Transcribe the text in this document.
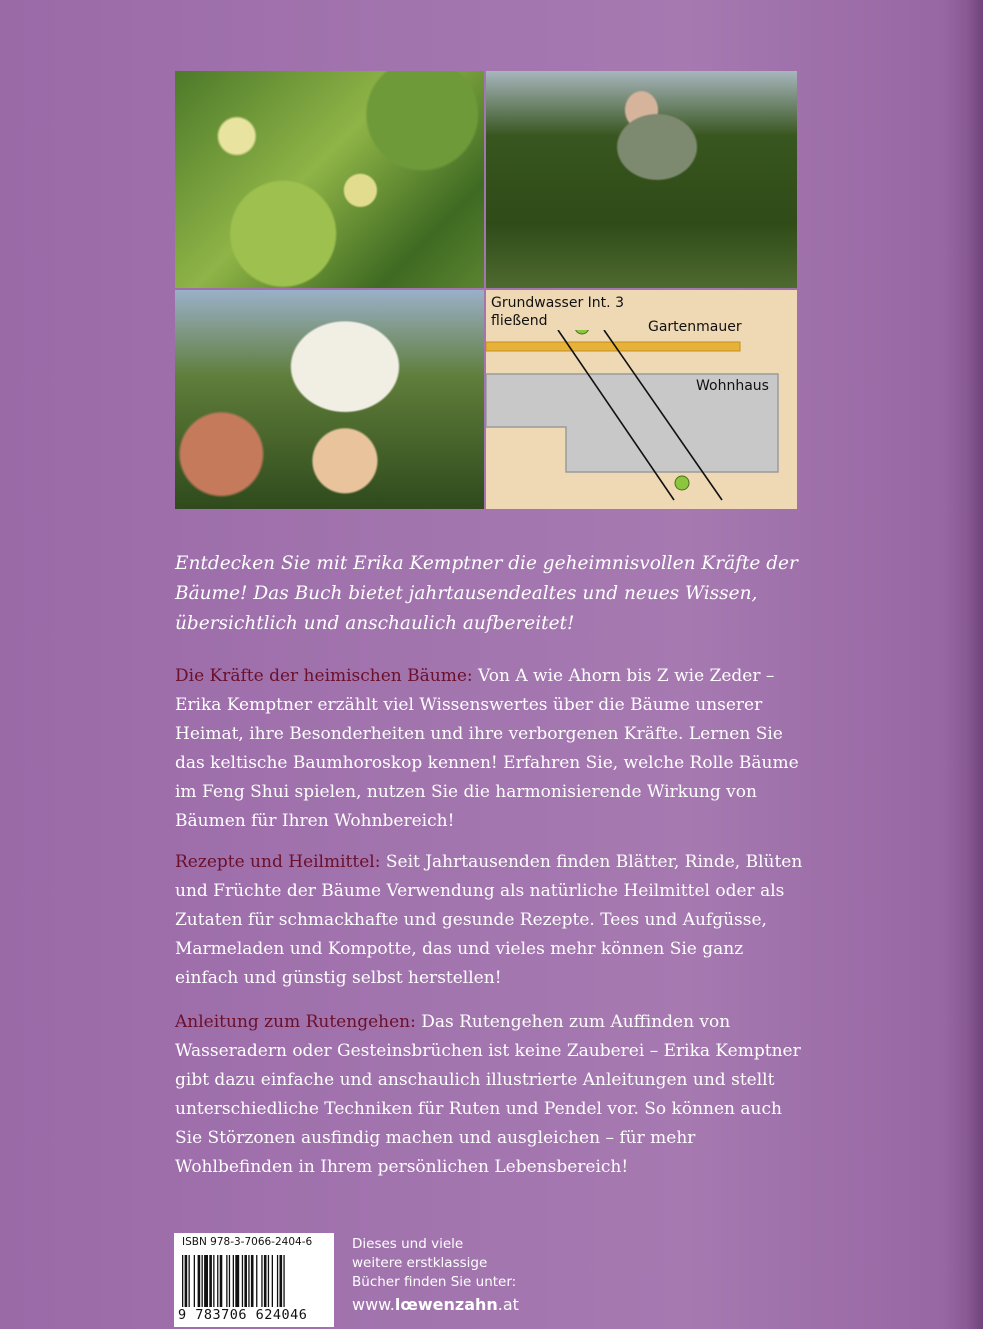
Grundwasser Int. 3
fließend	Gartenmauer
Wohnhaus
Entdecken Sie mit Erika Kemptner die geheimnisvollen Kräfte der Bäume! Das Buch bietet jahrtausendealtes und neues Wissen, übersichtlich und anschaulich aufbereitet!
Die Kräfte der heimischen Bäume: Von A wie Ahorn bis Z wie Zeder – Erika Kemptner erzählt viel Wissenswertes über die Bäume unserer Heimat, ihre Besonderheiten und ihre verborgenen Kräfte. Lernen Sie das keltische Baumhoroskop kennen! Erfahren Sie, welche Rolle Bäume im Feng Shui spielen, nutzen Sie die harmonisierende Wirkung von Bäumen für Ihren Wohnbereich!
Rezepte und Heilmittel: Seit Jahrtausenden finden Blätter, Rinde, Blüten und Früchte der Bäume Verwendung als natürliche Heilmittel oder als Zutaten für schmackhafte und gesunde Rezepte. Tees und Aufgüsse, Marmeladen und Kompotte, das und vieles mehr können Sie ganz einfach und günstig selbst herstellen!
Anleitung zum Rutengehen: Das Rutengehen zum Auffinden von Wasseradern oder Gesteinsbrüchen ist keine Zauberei – Erika Kemptner gibt dazu einfache und anschaulich illustrierte Anleitungen und stellt unterschiedliche Techniken für Ruten und Pendel vor. So können auch Sie Störzonen ausfindig machen und ausgleichen – für mehr Wohlbefinden in Ihrem persönlichen Lebensbereich!
ISBN 978-3-7066-2404-6
9 783706 624046
Dieses und viele
weitere erstklassige
Bücher finden Sie unter:
www.lœwenzahn.at
